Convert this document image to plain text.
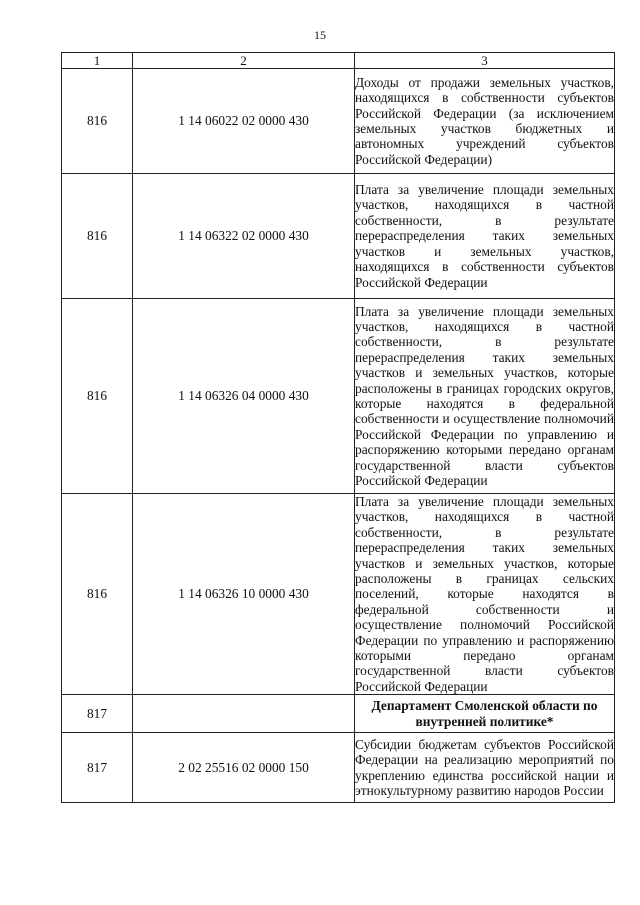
15
1	2	3
816	1 14 06022 02 0000 430	Доходы от продажи земельных участков, находящихся в собственности субъектов Российской Федерации (за исключением земельных участков бюджетных и автономных учреждений субъектов Российской Федерации)
816	1 14 06322 02 0000 430	Плата за увеличение площади земельных участков, находящихся в частной собственности, в результате перераспределения таких земельных участков и земельных участков, находящихся в собственности субъектов Российской Федерации
816	1 14 06326 04 0000 430	Плата за увеличение площади земельных участков, находящихся в частной собственности, в результате перераспределения таких земельных участков и земельных участков, которые расположены в границах городских округов, которые находятся в федеральной собственности и осуществление полномочий Российской Федерации по управлению и распоряжению которыми передано органам государственной власти субъектов Российской Федерации
816	1 14 06326 10 0000 430	Плата за увеличение площади земельных участков, находящихся в частной собственности, в результате перераспределения таких земельных участков и земельных участков, которые расположены в границах сельских поселений, которые находятся в федеральной собственности и осуществление полномочий Российской Федерации по управлению и распоряжению которыми передано органам государственной власти субъектов Российской Федерации
817		Департамент Смоленской области по внутренней политике*
817	2 02 25516 02 0000 150	Субсидии бюджетам субъектов Российской Федерации на реализацию мероприятий по укреплению единства российской нации и этнокультурному развитию народов России
